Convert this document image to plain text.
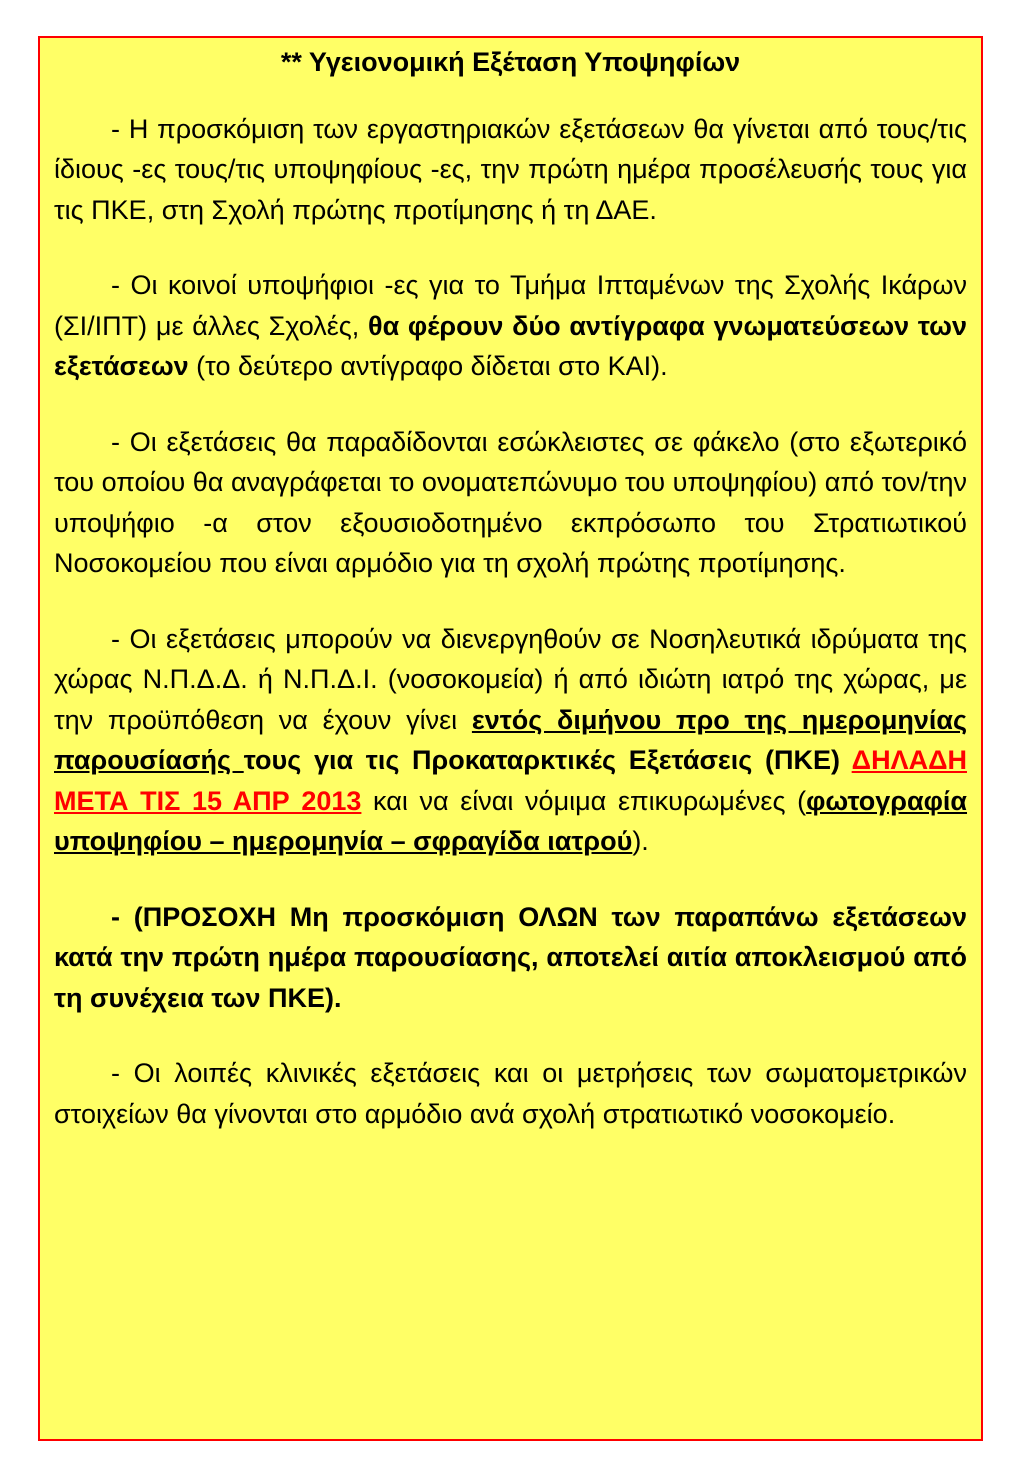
** Υγειονομική Εξέταση Υποψηφίων

- Η προσκόμιση των εργαστηριακών εξετάσεων θα γίνεται από τους/τις ίδιους -ες τους/τις υποψηφίους -ες, την πρώτη ημέρα προσέλευσής τους για τις ΠΚΕ, στη Σχολή πρώτης προτίμησης ή τη ΔΑΕ.

- Οι κοινοί υποψήφιοι -ες για το Τμήμα Ιπταμένων της Σχολής Ικάρων (ΣΙ/ΙΠΤ) με άλλες Σχολές, θα φέρουν δύο αντίγραφα γνωματεύσεων των εξετάσεων (το δεύτερο αντίγραφο δίδεται στο ΚΑΙ).

- Οι εξετάσεις θα παραδίδονται εσώκλειστες σε φάκελο (στο εξωτερικό του οποίου θα αναγράφεται το ονοματεπώνυμο του υποψηφίου) από τον/την υποψήφιο -α στον εξουσιοδοτημένο εκπρόσωπο του Στρατιωτικού Νοσοκομείου που είναι αρμόδιο για τη σχολή πρώτης προτίμησης.

- Οι εξετάσεις μπορούν να διενεργηθούν σε Νοσηλευτικά ιδρύματα της χώρας Ν.Π.Δ.Δ. ή Ν.Π.Δ.Ι. (νοσοκομεία) ή από ιδιώτη ιατρό της χώρας, με την προϋπόθεση να έχουν γίνει εντός διμήνου προ της ημερομηνίας παρουσίασής τους για τις Προκαταρκτικές Εξετάσεις (ΠΚΕ) ΔΗΛΑΔΗ ΜΕΤΑ ΤΙΣ 15 ΑΠΡ 2013 και να είναι νόμιμα επικυρωμένες (φωτογραφία υποψηφίου – ημερομηνία – σφραγίδα ιατρού).

- (ΠΡΟΣΟΧΗ Μη προσκόμιση ΟΛΩΝ των παραπάνω εξετάσεων κατά την πρώτη ημέρα παρουσίασης, αποτελεί αιτία αποκλεισμού από τη συνέχεια των ΠΚΕ).

- Οι λοιπές κλινικές εξετάσεις και οι μετρήσεις των σωματομετρικών στοιχείων θα γίνονται στο αρμόδιο ανά σχολή στρατιωτικό νοσοκομείο.
